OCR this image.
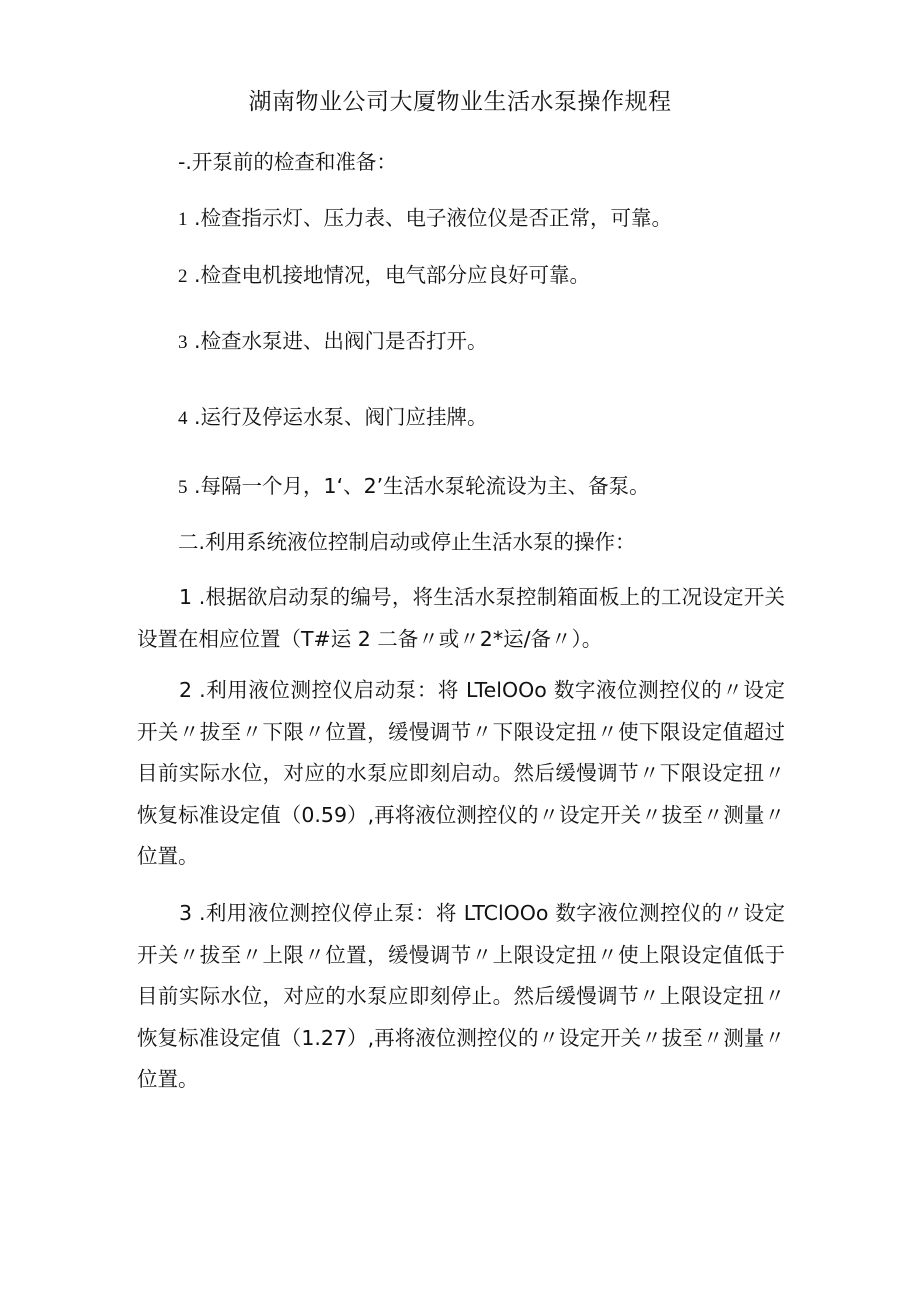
湖南物业公司大厦物业生活水泵操作规程
-.开泵前的检查和准备：
1 .检查指示灯、压力表、电子液位仪是否正常，可靠。
2 .检查电机接地情况，电气部分应良好可靠。
3 .检查水泵进、出阀门是否打开。
4 .运行及停运水泵、阀门应挂牌。
5 .每隔一个月，1‘、2’生活水泵轮流设为主、备泵。
二.利用系统液位控制启动或停止生活水泵的操作：
1 .根据欲启动泵的编号，将生活水泵控制箱面板上的工况设定开关设置在相应位置（T#运 2 二备〃或〃2*运/备〃）。
2 .利用液位测控仪启动泵：将 LTelOOo 数字液位测控仪的〃设定开关〃拔至〃下限〃位置，缓慢调节〃下限设定扭〃使下限设定值超过目前实际水位，对应的水泵应即刻启动。然后缓慢调节〃下限设定扭〃恢复标准设定值（0.59）,再将液位测控仪的〃设定开关〃拔至〃测量〃位置。
3 .利用液位测控仪停止泵：将 LTClOOo 数字液位测控仪的〃设定开关〃拔至〃上限〃位置，缓慢调节〃上限设定扭〃使上限设定值低于目前实际水位，对应的水泵应即刻停止。然后缓慢调节〃上限设定扭〃恢复标准设定值（1.27）,再将液位测控仪的〃设定开关〃拔至〃测量〃位置。
